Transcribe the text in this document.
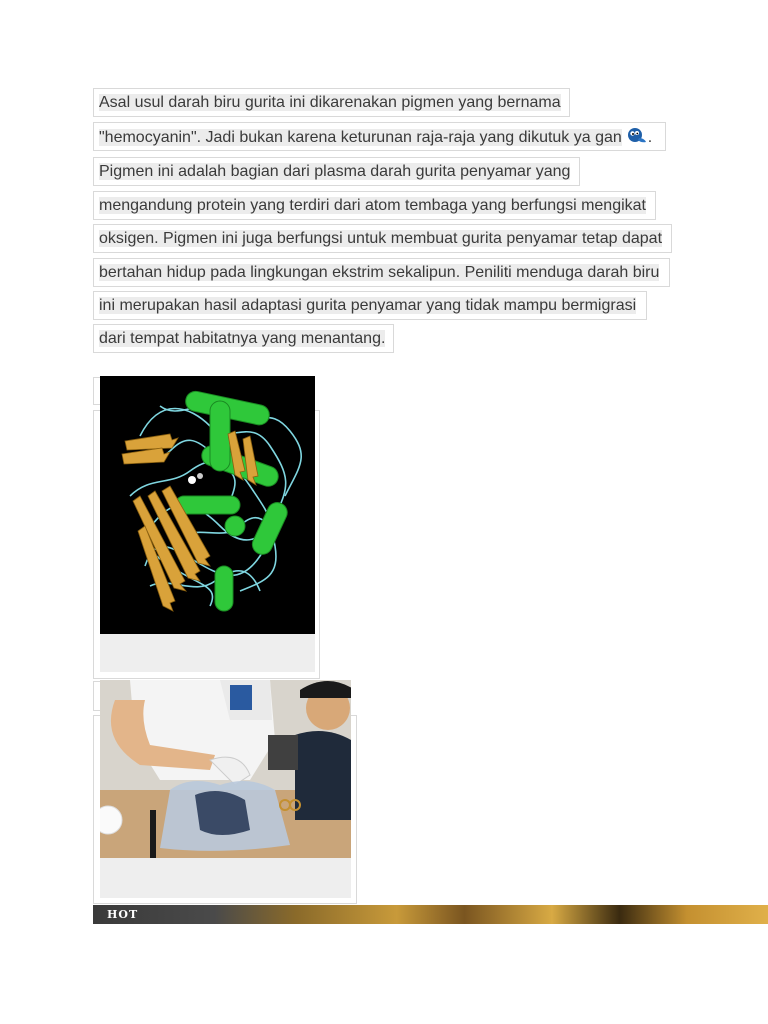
Asal usul darah biru gurita ini dikarenakan pigmen yang bernama
"hemocyanin". Jadi bukan karena keturunan raja-raja yang dikutuk ya gan .
Pigmen ini adalah bagian dari plasma darah gurita penyamar yang
mengandung protein yang terdiri dari atom tembaga yang berfungsi mengikat
oksigen. Pigmen ini juga berfungsi untuk membuat gurita penyamar tetap dapat
bertahan hidup pada lingkungan ekstrim sekalipun. Peniliti menduga darah biru
ini merupakan hasil adaptasi gurita penyamar yang tidak mampu bermigrasi
dari tempat habitatnya yang menantang.
HOT
